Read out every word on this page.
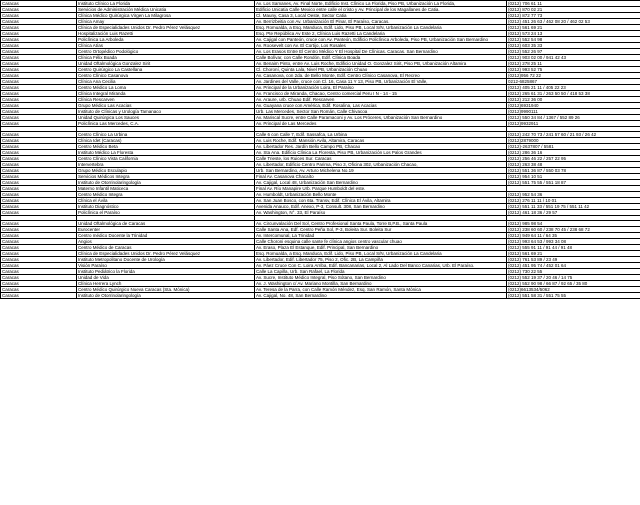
Caracas	Instituto Clínico La Florida	Av. Los Samanes, Av. Final Norte, Edificio Inst. Clínico La Florida, Piso PB, Urbanización La Florida,	(0212) 706 61 11
Caracas	Servicios de Administración Médica Unicatia	Edificio Unicatia Calle Mexico entre calle el cristo y Av. Principal de los Magallanes de Catia.	(0212) 870 02 21
Caracas	Clínica Médico Quirúrgica Virgen La Milagrosa	Cl. Mauny, Casa 3, Local Oeste, Sector Catia	(0212) 872 77 73
Caracas	Clínica Amay	Av. Berrizbeitia con Av. Urbanización El Pinar, El Paraíso, Caracas.	(0212) 451 26 63 / 462 08 20 / 462 02 53
Caracas	Clínica de Especialidades Unidos Dr. Pedro Pérez Velásquez	Esq. Romualda, a Esq. Manduca, Edif. Lido, Piso PB, Local S/N, Urbanización La Candelaria	(0212) 561 69 21
Caracas	Hospitalización Luis Razetti	Esq. Pte República Av Este 2, Clínica Luis Razetti La Candelaria	(0212) 573 24 13
Caracas	Policlínica La Arboleda	Av. Cajigal con Panteón, cruce con Av. Panteón, Edificio Policlínica Arboleda, Piso PB, Urbanización San Bernardino	(0212) 552 54 98
Caracas	Clínica Atías	Av. Roosevelt con Av. El Cortijo, Los Rosales	(0212) 603 35 33
Caracas	Centro Ortopédico Podológico	Av. Los Erasos Entre El Centro Médico Y El Hospital De Clínicas. Caracas. San Bernardino	(0212) 552 26 97
Caracas	Clínica Félix Boada	Calle Bolívar, con Calle Rondón, Edif. Clínica Boada	(0212) 903 02 00 / 941 42 43
Caracas	Unidad Oftalmológica Gonzalez Sirit	Av. Benaim Pinto, entre Av. Luis Roche, Edificio Unidad O. Gonzalez Sirit, Piso PB, Urbanización Altamira	(0212) 278 25 11
Caracas	Centro Quirúrgico La Castellana	Cl. Choroní, Quinta Lala, Nivel PB, Urbanización Chuao	(0212) 993 52 75
Caracas	Centro Clínico Casanova	Av. Casanova, con 2da. de Bello Monte, Edif. Centro Clínico Casanova, El Recreo	(0212)956 72 22
Caracas	Clínica Ana Cecilia	Av. Jardines del Valle, cruce con Cl. 16, Casa 11 Y 13, Piso PB, Urbanización El Valle,	0212-6825867
Caracas	Centro Médico La Loma	Av. Principal de la Urbanización Loira, El Paraíso	(0212) 405 21 11 / 405 22 23
Caracas	Clínica Integral Miranda	Av. Francisco de Miranda, Chacao, Centro comercial Peru I N - 14 - 15	(0212) 265 61 31 / 263 50 50 / 418 53 38
Caracas	Clínica Rescarven	Av. Araure, urb. Chuao Edif. Rescarven	(0212) 212 36 00
Caracas	Grupo Médico Las Acacias	Av. Guayana cruce con América, Edif. Rosalina, Las Acacias	(0212)6931940
Caracas	Instituto de Clínicas y Urología Tamanaco	Urb. Las Mercedes, Sector San Román, Calle Chivacoa	(0212)9990111
Caracas	Unidad Quirúrgica Los Sauces	Av. Mariscal Sucre, entre Calle Paramaconi y Av. Los Próceres, Urbanización San Bernardino	(0212) 550 34 84 / 1367 / 552 89 26
Caracas	Policlínica Las Mercedes, C.A.	Av. Principal de Las Mercedes	(0212)9932911

Caracas	Centro Clínico La Urbina	Calle 6 con Calle 7, Edif. Sassafca, La Urbina	(0212) 242 70 73 / 241 57 60 / 21 93 / 26 42
Caracas	Clínica Idet (Caracas)	Av. Luis Roche, Edif. Mansión Avila, Altamira, Caracas	(0212)2879000
Caracas	Centro Médico Beta	Av. Libertador Res. Jardín Bello Campo PB, Chacao	(0212)-2637807 / 5581
Caracas	Instituto Médico La Floresta	Av. Sta Ana. Edificio Clínica La Floresta, Piso PB, Urbanización Los Palos Grandes	(0212) 286 36 16
Caracas	Centro Clínico Vista California	Calle Trieste, los Ruices Sur. Caracas	(0212) 256 46 22 / 257 22 95
Caracas	Intervertebra	Av. Libertador, Edificio Centro Parima, Piso 3, Oficina 302, Urbanización Chacao,	(0212) 263 38 48
Caracas	Grupo Médico Esculapio	Urb. San Bernardino, Av. Arturo Michelena No.19	(0212) 551 36 87 / 550 03 78
Caracas	Servicios Médicos Integra	Final Av. Casanova Chacaíto	(0212) 954 10 51
Caracas	Instituto de Otorrinolaringología	Av. Cajigal, Local 48, Urbanización San Bernardino	(0212) 551 75 55 / 551 18 87
Caracas	Materno Infantil Maticeca	Final Av. Río Manapire Urb. Parque Humboldt del este.	
Caracas	Centro Médico Integra	Av. Humboldt, Urbanización Bello Monte	(0212) 952 54 36
Caracas	Clínica el Ávila	Av. San Juan Bosco, con 6ta. Transv, Edif. Clínica El Ávila, Altamira	(0212) 276 11 11 / 10 01
Caracas	Instituto Diagnóstico	Avenida Anauco, Edif. Anexo, P-3, Consult. 308, San Bernardino	(0212) 551 11 33 / 551 19 75 / 551 11 42
Caracas	Policlínica el Paraíso	Av. Washington, N°. 33, El Paraíso	(0212) 461 18 36 / 29 57

Caracas	Unidad Oftalmológica de Caracas	Av. Circunvalación Del Sol, Centro Profesional Santa Paula, Torre B,P.B., Santa Paula	(0212) 985 98 54
Caracas	Eurocenter	Calle Santa Ana, Edf. Centro Peña Sol, P-3, Boleita Sur. Boleita Sur	(0212) 238 60 60 / 238 70 45 / 238 68 72
Caracas	Centro médico Docente la Trinidad	Av. Intercomunal, La Trinidad	(0212) 949 64 11 / 64 35
Caracas	Angios	Calle Choroni esquina calle sante fe clínica angios centro vascular chuao	(0212) 993 64 53 / 993 34 08
Caracas	Centro Médico de Caracas	Av. Eraso, Plaza El Estanque, Edif. Principal, San Bernardino	(0212) 555 91 11 / 91 44 / 91 48
Caracas	Clínica de Especialidades Unidos Dr. Pedro Pérez Velásquez	Esq. Romualda, a Esq. Manduca, Edif. Lido, Piso PB, Local S/N, Urbanización La Candelaria	(0212) 561 69 21
Caracas	Instituto Metropolitano Docente de Urología	Av. Libertador, Edif. Libertador 75, Piso 2, Ofic. 2B, La Campiña	(0212) 761 53 89 / 23 49
Caracas	Visión Paraíso	Av. Páez Cruce Con C. Loira Arriba, Edif. Bancanarias, Local 2, Al Lado Del Banco Canarias, Urb. El Paraíso.	(0212) 451 95 74 / 452 01 64
Caracas	Instituto Pediátrico la Florida	Calle La Capilla, Urb. San Rafael, La Florida	(0212) 730 22 55
Caracas	Unidad de Vida	Av. Sucre, Instituto Médico Integral, Piso Sótano, San Bernardino	(0212) 552 19 37 / 20 46 / 14 75
Caracas	Clínica Herrera Lynch	Av. J. Washington c/ Av. Mariano Montilla, San Bernardino	(0212) 552 90 98 / 66 87 / 92 65 / 35 80
Caracas	Centro Médico Quirúrgico Nueva Caracas (Sta. Mónica)	Av. Teresa de la Parra, con Calle Ramón Méndez, Esq. San Ramón, Santa Mónica	(0212)6613534/5062
Caracas	Instituto de Otorrinolaringología	Av. Cajigal, No. 48, San Bernardino	(0212) 551 58 31 / 551 75 55
